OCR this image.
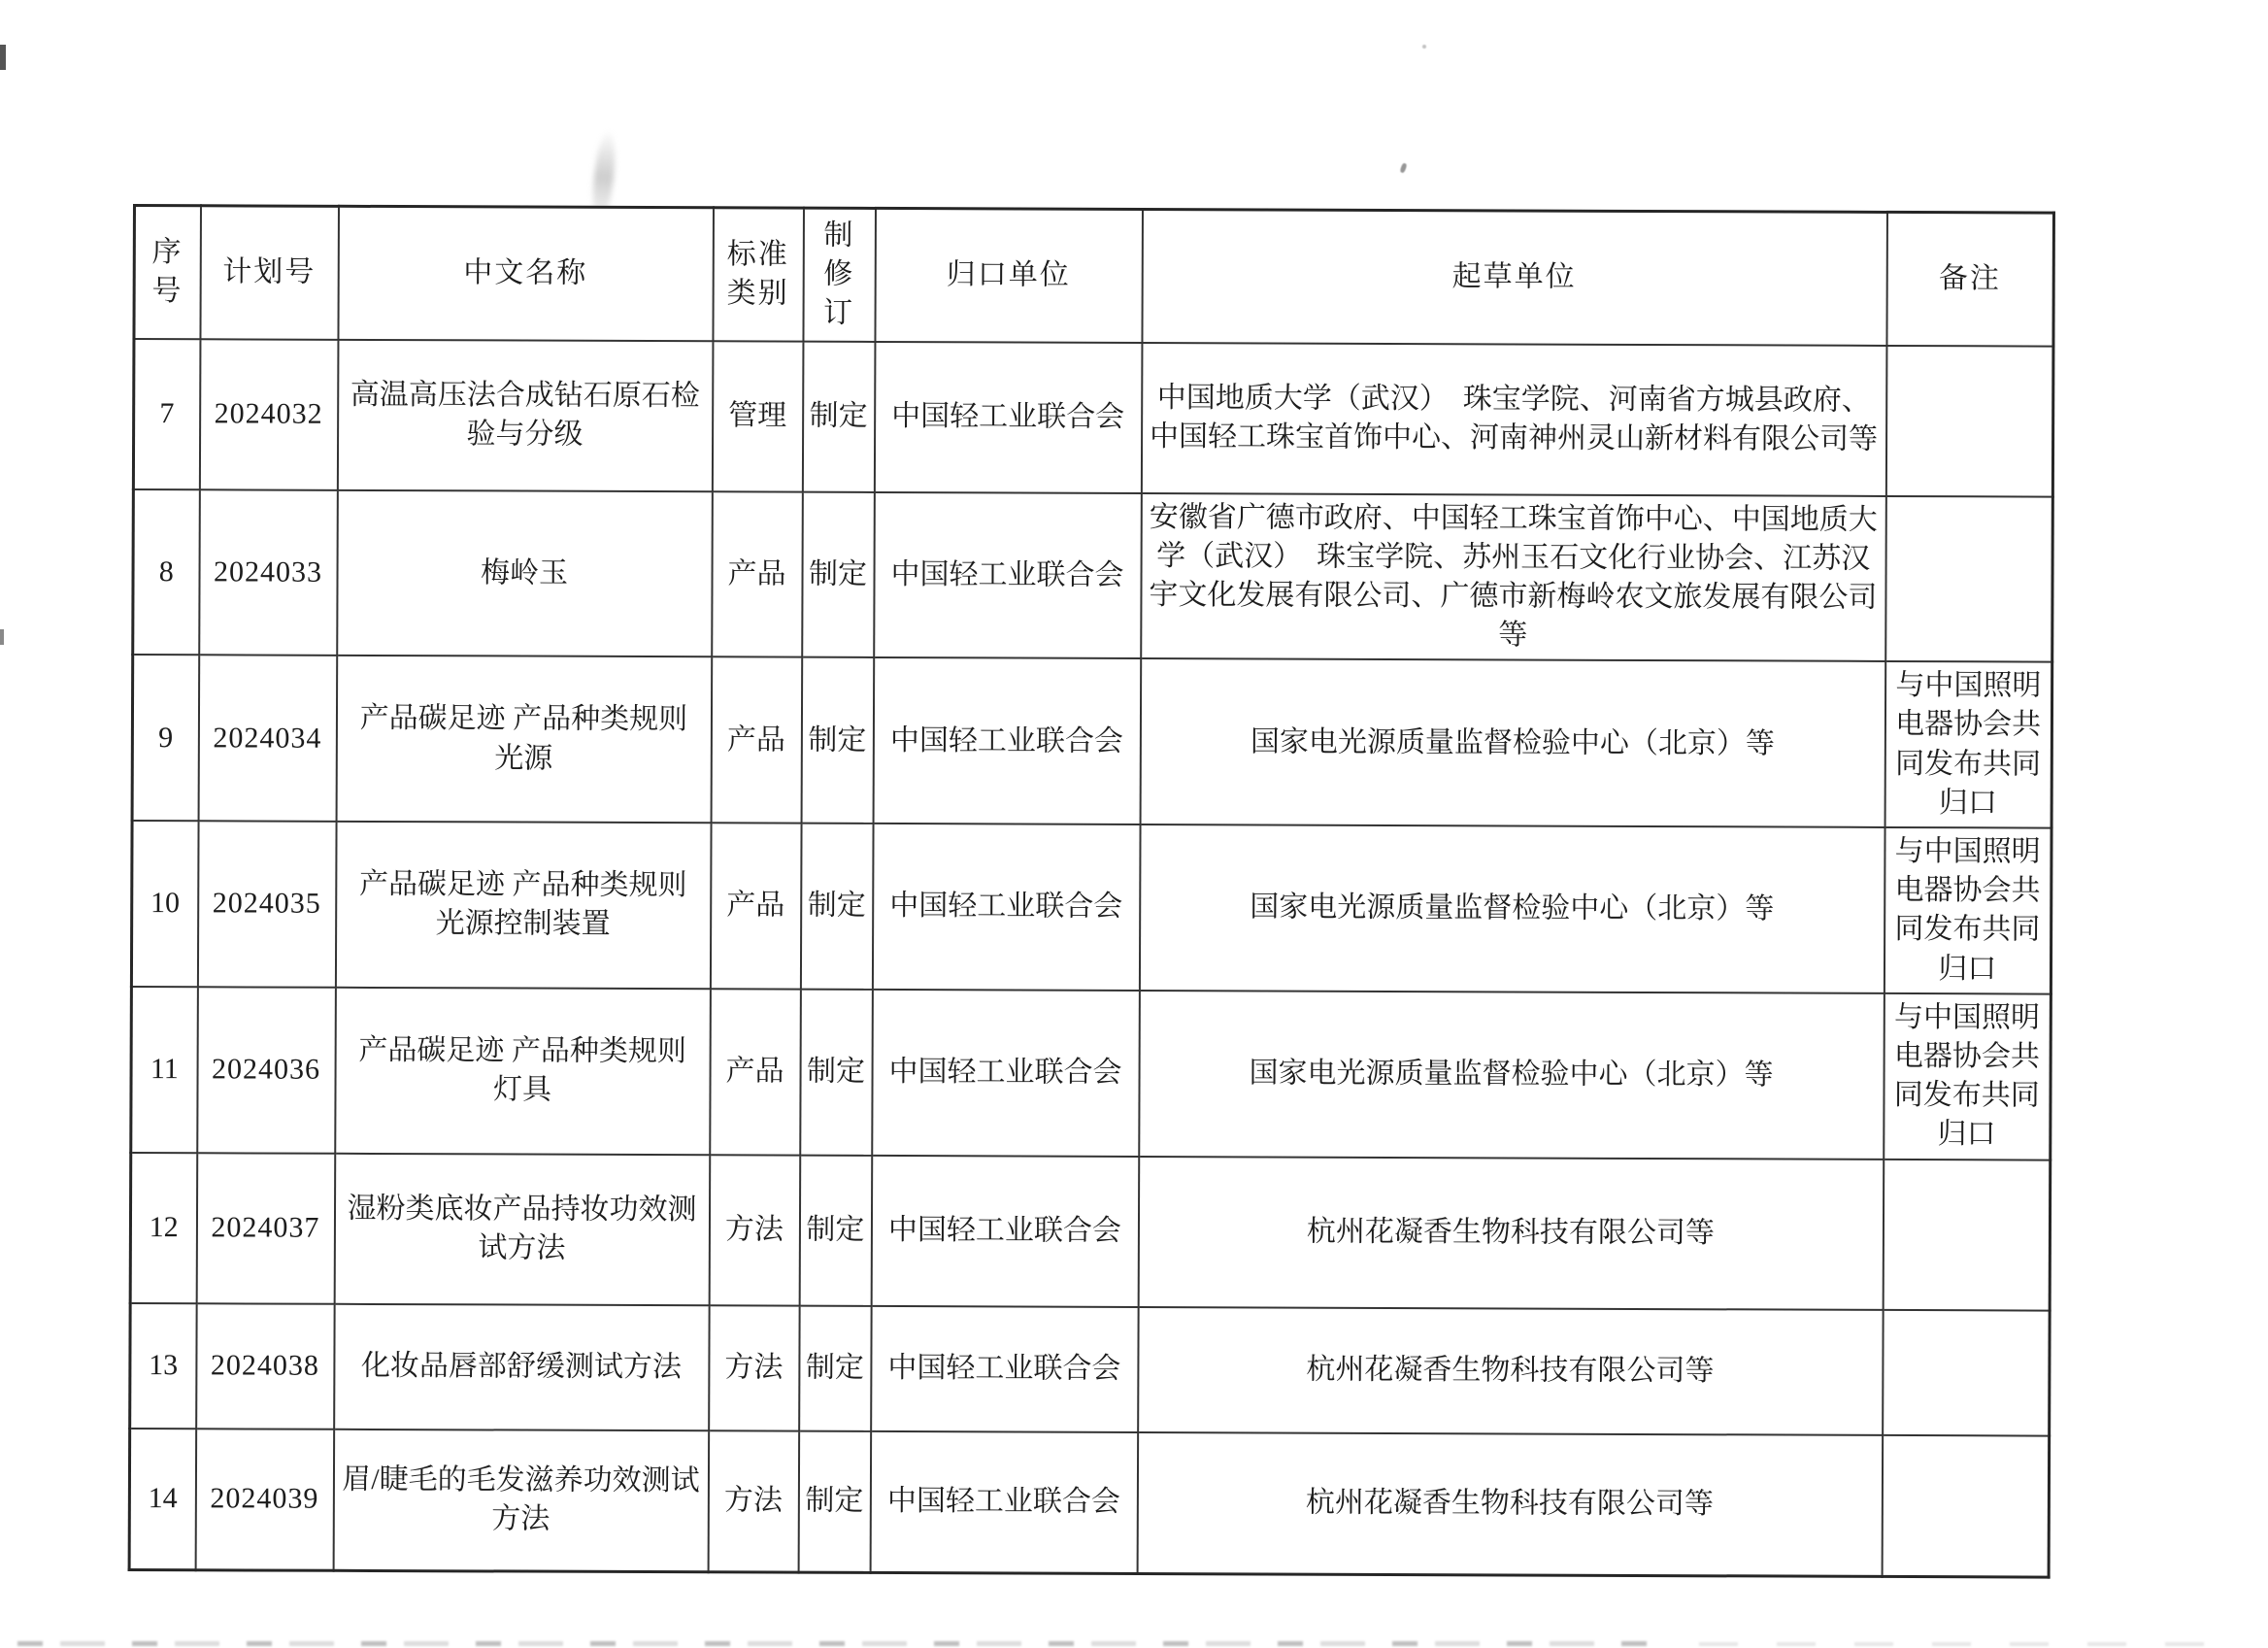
序号	计划号	中文名称	标准类别	制修订	归口单位	起草单位	备注
7	2024032	高温高压法合成钻石原石检验与分级	管理	制定	中国轻工业联合会	中国地质大学（武汉）　珠宝学院、河南省方城县政府、中国轻工珠宝首饰中心、河南神州灵山新材料有限公司等	
8	2024033	梅岭玉	产品	制定	中国轻工业联合会	安徽省广德市政府、中国轻工珠宝首饰中心、中国地质大学（武汉）　珠宝学院、苏州玉石文化行业协会、江苏汉宇文化发展有限公司、广德市新梅岭农文旅发展有限公司等	
9	2024034	产品碳足迹 产品种类规则 光源	产品	制定	中国轻工业联合会	国家电光源质量监督检验中心（北京）等	与中国照明电器协会共同发布共同归口
10	2024035	产品碳足迹 产品种类规则 光源控制装置	产品	制定	中国轻工业联合会	国家电光源质量监督检验中心（北京）等	与中国照明电器协会共同发布共同归口
11	2024036	产品碳足迹 产品种类规则 灯具	产品	制定	中国轻工业联合会	国家电光源质量监督检验中心（北京）等	与中国照明电器协会共同发布共同归口
12	2024037	湿粉类底妆产品持妆功效测试方法	方法	制定	中国轻工业联合会	杭州花凝香生物科技有限公司等	
13	2024038	化妆品唇部舒缓测试方法	方法	制定	中国轻工业联合会	杭州花凝香生物科技有限公司等	
14	2024039	眉/睫毛的毛发滋养功效测试方法	方法	制定	中国轻工业联合会	杭州花凝香生物科技有限公司等	
